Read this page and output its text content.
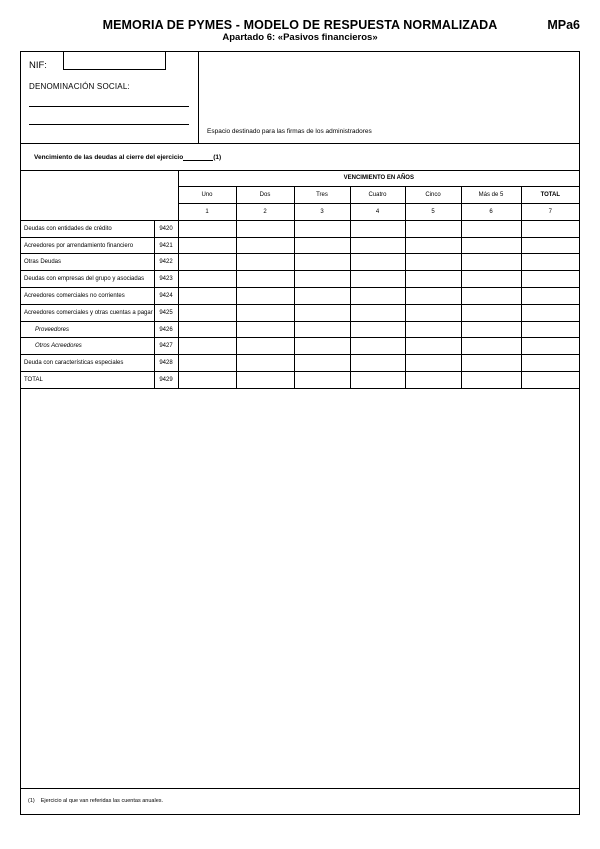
MEMORIA DE PYMES - MODELO DE RESPUESTA NORMALIZADA
Apartado 6: «Pasivos financieros»
MPa6
NIF:
DENOMINACIÓN SOCIAL:
Espacio destinado para las firmas de los administradores
Vencimiento de las deudas al cierre del ejercicio	(1)
		VENCIMIENTO EN AÑOS						
		Uno	Dos	Tres	Cuatro	Cinco	Más de 5	TOTAL
		1	2	3	4	5	6	7
Deudas con entidades de crédito	9420							
Acreedores por arrendamiento financiero	9421							
Otras Deudas	9422							
Deudas con empresas del grupo y asociadas	9423							
Acreedores comerciales no corrientes	9424							
Acreedores comerciales y otras cuentas a pagar	9425							
Proveedores	9426							
Otros Acreedores	9427							
Deuda con características especiales	9428							
TOTAL	9429							
(1) Ejercicio al que van referidas las cuentas anuales.
